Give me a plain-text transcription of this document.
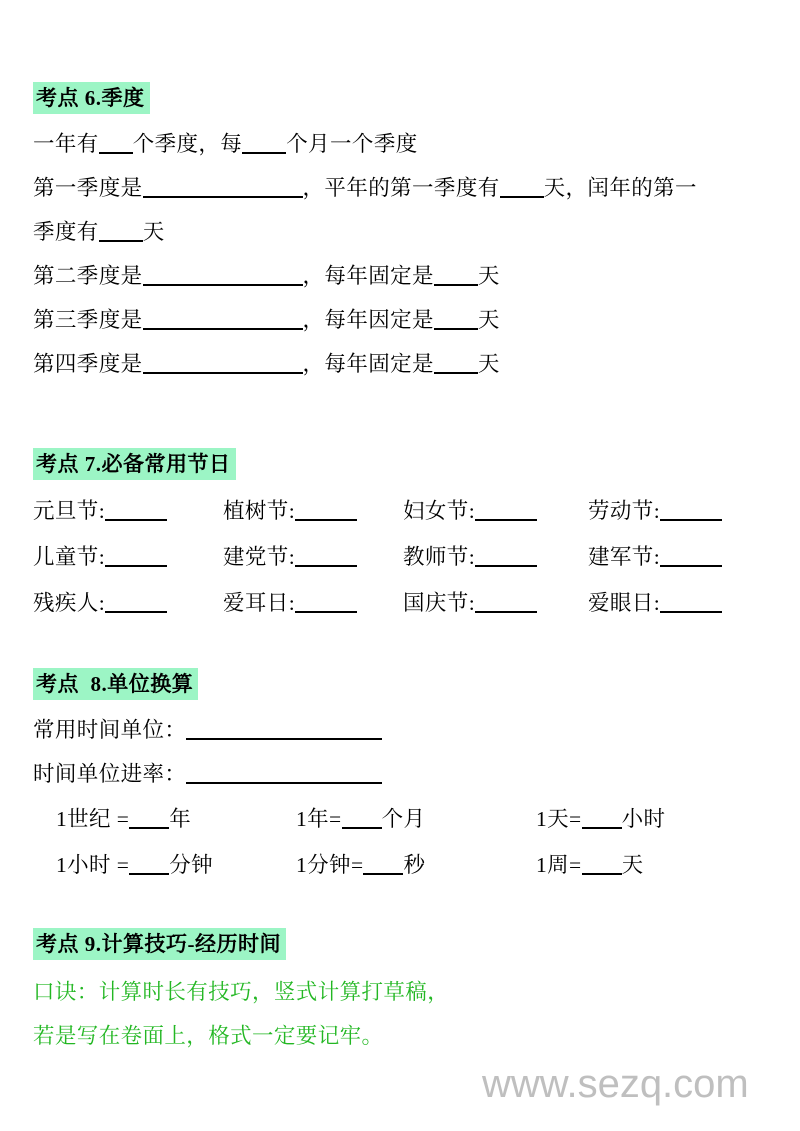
考点 6.季度
一年有 个季度，每 个月一个季度
第一季度是	，平年的第一季度有 天，闰年的第一
季度有 天
第二季度是	，每年固定是 天
第三季度是	，每年因定是 天
第四季度是	，每年固定是 天
考点 7.必备常用节日
元旦节:	植树节:	妇女节:	劳动节:
儿童节:	建党节:	教师节:	建军节:
残疾人:	爱耳日:	国庆节:	爱眼日:
考点  8.单位换算
常用时间单位：
时间单位进率：
1世纪 = 年	1年= 个月	1天= 小时
1小时 = 分钟	1分钟= 秒	1周= 天
考点 9.计算技巧-经历时间
口诀：计算时长有技巧，竖式计算打草稿，
若是写在卷面上，格式一定要记牢。
www.sezq.com
